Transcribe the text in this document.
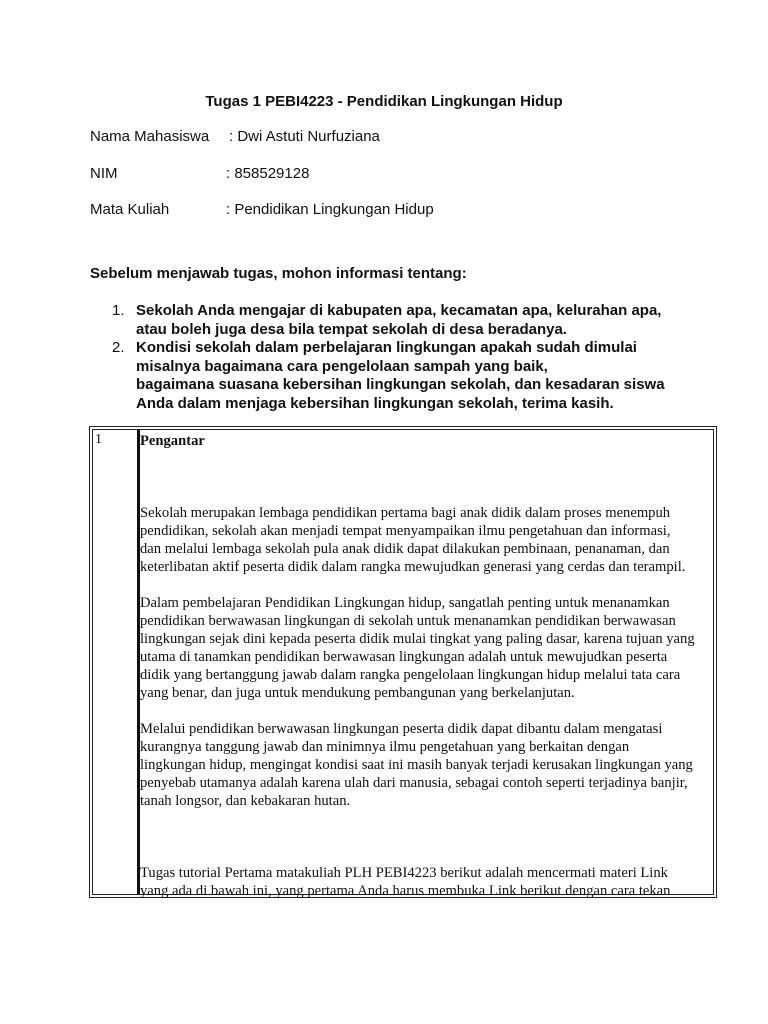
Tugas 1 PEBI4223 - Pendidikan Lingkungan Hidup
Nama Mahasiswa : Dwi Astuti Nurfuziana
NIM	: 858529128
Mata Kuliah	: Pendidikan Lingkungan Hidup
Sebelum menjawab tugas, mohon informasi tentang:
1. Sekolah Anda mengajar di kabupaten apa, kecamatan apa, kelurahan apa,
atau boleh juga desa bila tempat sekolah di desa beradanya.
2. Kondisi sekolah dalam perbelajaran lingkungan apakah sudah dimulai
misalnya bagaimana cara pengelolaan sampah yang baik,
bagaimana suasana kebersihan lingkungan sekolah, dan kesadaran siswa
Anda dalam menjaga kebersihan lingkungan sekolah, terima kasih.
1	Pengantar
Sekolah merupakan lembaga pendidikan pertama bagi anak didik dalam proses menempuh
pendidikan, sekolah akan menjadi tempat menyampaikan ilmu pengetahuan dan informasi,
dan melalui lembaga sekolah pula anak didik dapat dilakukan pembinaan, penanaman, dan
keterlibatan aktif peserta didik dalam rangka mewujudkan generasi yang cerdas dan terampil.
Dalam pembelajaran Pendidikan Lingkungan hidup, sangatlah penting untuk menanamkan
pendidikan berwawasan lingkungan di sekolah untuk menanamkan pendidikan berwawasan
lingkungan sejak dini kepada peserta didik mulai tingkat yang paling dasar, karena tujuan yang
utama di tanamkan pendidikan berwawasan lingkungan adalah untuk mewujudkan peserta
didik yang bertanggung jawab dalam rangka pengelolaan lingkungan hidup melalui tata cara
yang benar, dan juga untuk mendukung pembangunan yang berkelanjutan.
Melalui pendidikan berwawasan lingkungan peserta didik dapat dibantu dalam mengatasi
kurangnya tanggung jawab dan minimnya ilmu pengetahuan yang berkaitan dengan
lingkungan hidup, mengingat kondisi saat ini masih banyak terjadi kerusakan lingkungan yang
penyebab utamanya adalah karena ulah dari manusia, sebagai contoh seperti terjadinya banjir,
tanah longsor, dan kebakaran hutan.
Tugas tutorial Pertama matakuliah PLH PEBI4223 berikut adalah mencermati materi Link
yang ada di bawah ini, yang pertama Anda harus membuka Link berikut dengan cara tekan
